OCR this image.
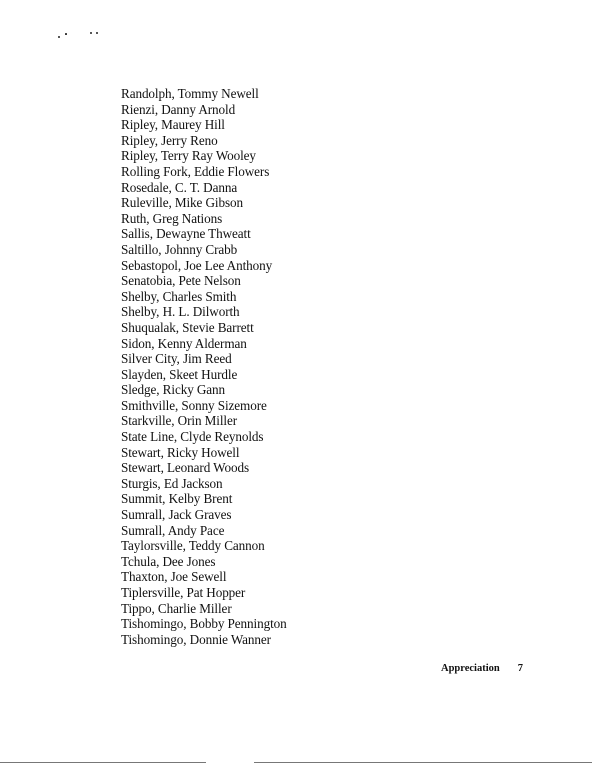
Randolph, Tommy Newell
Rienzi, Danny Arnold
Ripley, Maurey Hill
Ripley, Jerry Reno
Ripley, Terry Ray Wooley
Rolling Fork, Eddie Flowers
Rosedale, C. T. Danna
Ruleville, Mike Gibson
Ruth, Greg Nations
Sallis, Dewayne Thweatt
Saltillo, Johnny Crabb
Sebastopol, Joe Lee Anthony
Senatobia, Pete Nelson
Shelby, Charles Smith
Shelby, H. L. Dilworth
Shuqualak, Stevie Barrett
Sidon, Kenny Alderman
Silver City, Jim Reed
Slayden, Skeet Hurdle
Sledge, Ricky Gann
Smithville, Sonny Sizemore
Starkville, Orin Miller
State Line, Clyde Reynolds
Stewart, Ricky Howell
Stewart, Leonard Woods
Sturgis, Ed Jackson
Summit, Kelby Brent
Sumrall, Jack Graves
Sumrall, Andy Pace
Taylorsville, Teddy Cannon
Tchula, Dee Jones
Thaxton, Joe Sewell
Tiplersville, Pat Hopper
Tippo, Charlie Miller
Tishomingo, Bobby Pennington
Tishomingo, Donnie Wanner
Appreciation 7
